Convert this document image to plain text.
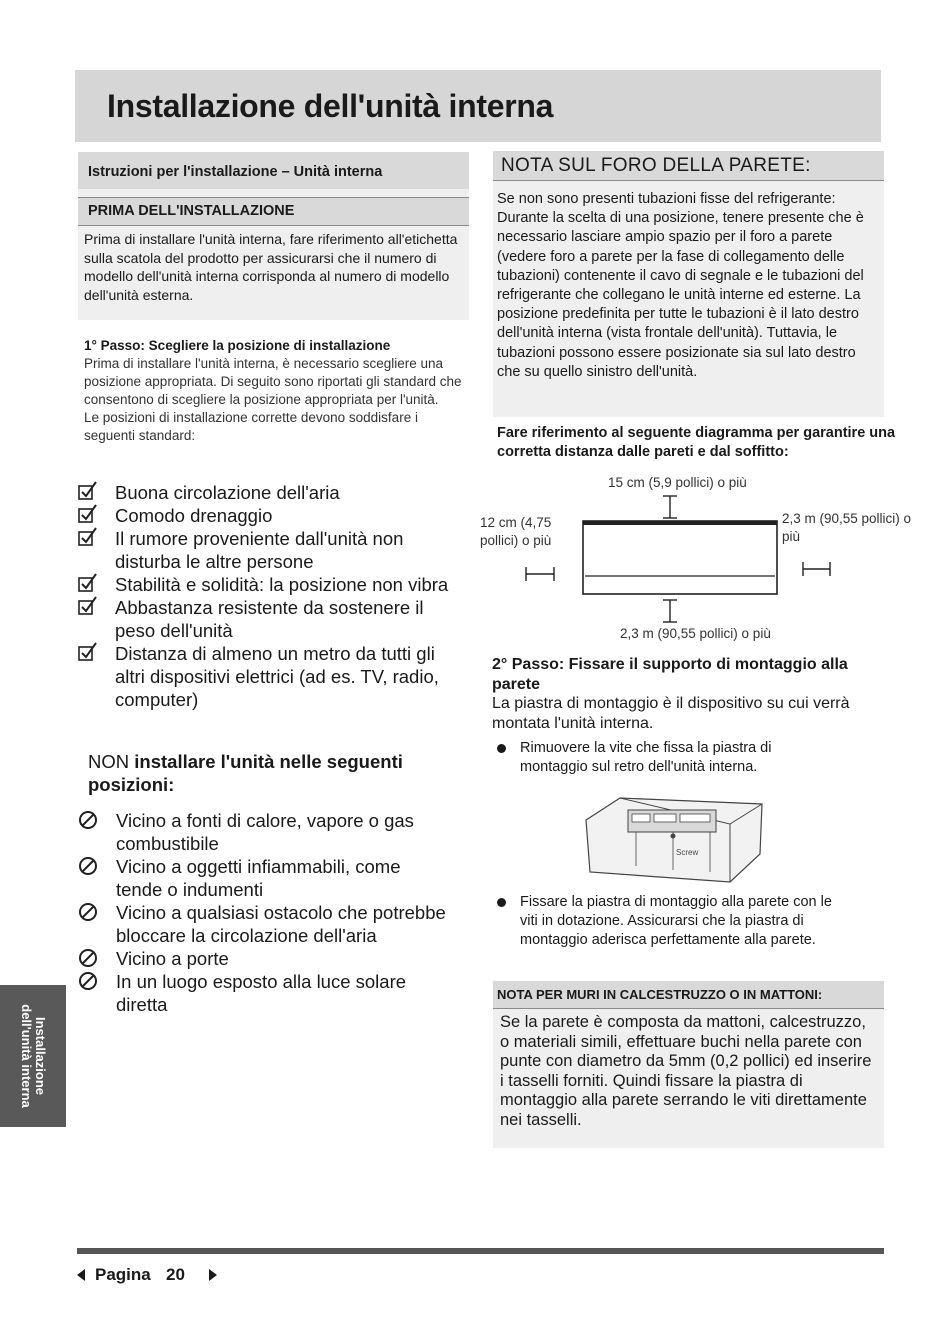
Installazione dell'unità interna
Istruzioni per l'installazione – Unità interna
PRIMA DELL'INSTALLAZIONE
Prima di installare l'unità interna, fare riferimento all'etichetta sulla scatola del prodotto per assicurarsi che il numero di modello dell'unità interna corrisponda al numero di modello dell'unità esterna.
1° Passo: Scegliere la posizione di installazione
Prima di installare l'unità interna, è necessario scegliere una posizione appropriata. Di seguito sono riportati gli standard che consentono di scegliere la posizione appropriata per l'unità.
Le posizioni di installazione corrette devono soddisfare i seguenti standard:
Buona circolazione dell'aria
Comodo drenaggio
Il rumore proveniente dall'unità non disturba le altre persone
Stabilità e solidità: la posizione non vibra
Abbastanza resistente da sostenere il peso dell'unità
Distanza di almeno un metro da tutti gli altri dispositivi elettrici (ad es. TV, radio, computer)
NON installare l'unità nelle seguenti posizioni:
Vicino a fonti di calore, vapore o gas combustibile
Vicino a oggetti infiammabili, come tende o indumenti
Vicino a qualsiasi ostacolo che potrebbe bloccare la circolazione dell'aria
Vicino a porte
In un luogo esposto alla luce solare diretta
NOTA SUL FORO DELLA PARETE:
Se non sono presenti tubazioni fisse del refrigerante: Durante la scelta di una posizione, tenere presente che è necessario lasciare ampio spazio per il foro a parete (vedere foro a parete per la fase di collegamento delle tubazioni) contenente il cavo di segnale e le tubazioni del refrigerante che collegano le unità interne ed esterne. La posizione predefinita per tutte le tubazioni è il lato destro dell'unità interna (vista frontale dell'unità). Tuttavia, le tubazioni possono essere posizionate sia sul lato destro che su quello sinistro dell'unità.
Fare riferimento al seguente diagramma per garantire una corretta distanza dalle pareti e dal soffitto:
15 cm (5,9 pollici) o più
12 cm (4,75 pollici) o più
2,3 m (90,55 pollici) o più
2,3 m (90,55 pollici) o più
2° Passo: Fissare il supporto di montaggio alla parete
La piastra di montaggio è il dispositivo su cui verrà montata l'unità interna.
Rimuovere la vite che fissa la piastra di montaggio sul retro dell'unità interna.
Screw
Fissare la piastra di montaggio alla parete con le viti in dotazione. Assicurarsi che la piastra di montaggio aderisca perfettamente alla parete.
NOTA PER MURI IN CALCESTRUZZO O IN MATTONI:
Se la parete è composta da mattoni, calcestruzzo, o materiali simili, effettuare buchi nella parete con punte con diametro da 5mm (0,2 pollici) ed inserire i tasselli forniti. Quindi fissare la piastra di montaggio alla parete serrando le viti direttamente nei tasselli.
Installazione dell'unità interna
Pagina 20
